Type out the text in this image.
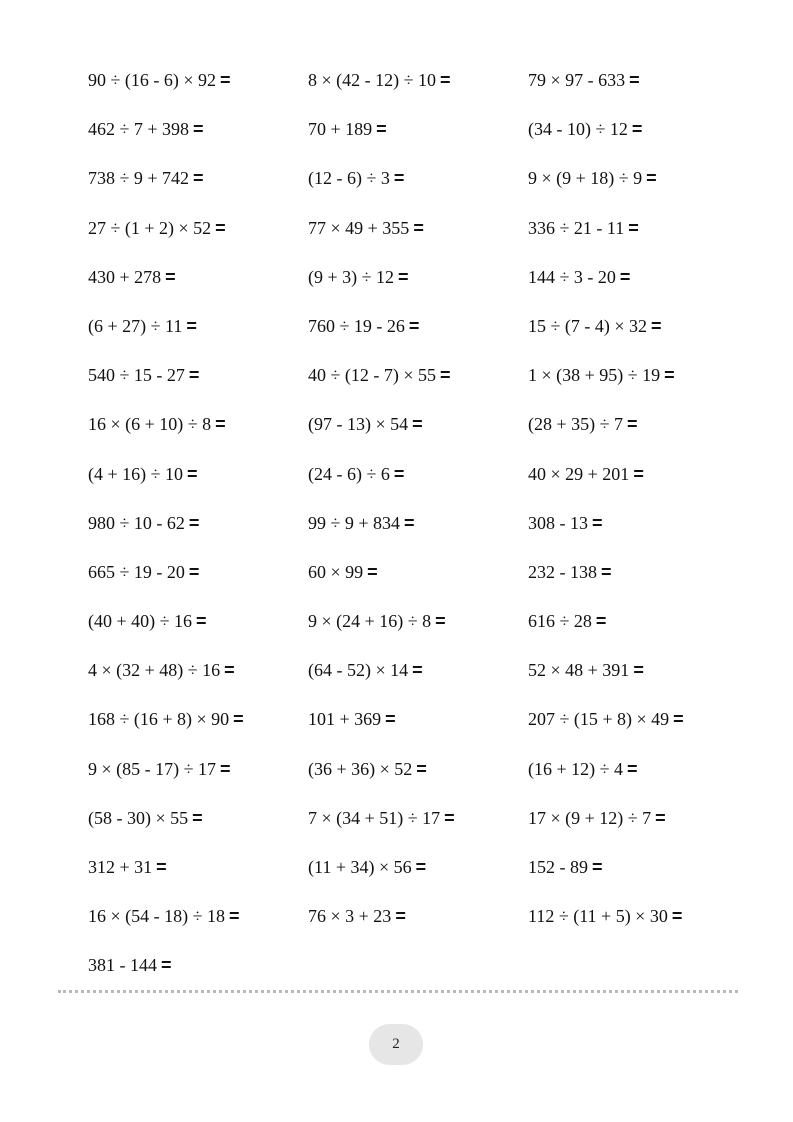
90 ÷ (16 - 6) × 92 =	8 × (42 - 12) ÷ 10 =	79 × 97 - 633 =
462 ÷ 7 + 398 =	70 + 189 =	(34 - 10) ÷ 12 =
738 ÷ 9 + 742 =	(12 - 6) ÷ 3 =	9 × (9 + 18) ÷ 9 =
27 ÷ (1 + 2) × 52 =	77 × 49 + 355 =	336 ÷ 21 - 11 =
430 + 278 =	(9 + 3) ÷ 12 =	144 ÷ 3 - 20 =
(6 + 27) ÷ 11 =	760 ÷ 19 - 26 =	15 ÷ (7 - 4) × 32 =
540 ÷ 15 - 27 =	40 ÷ (12 - 7) × 55 =	1 × (38 + 95) ÷ 19 =
16 × (6 + 10) ÷ 8 =	(97 - 13) × 54 =	(28 + 35) ÷ 7 =
(4 + 16) ÷ 10 =	(24 - 6) ÷ 6 =	40 × 29 + 201 =
980 ÷ 10 - 62 =	99 ÷ 9 + 834 =	308 - 13 =
665 ÷ 19 - 20 =	60 × 99 =	232 - 138 =
(40 + 40) ÷ 16 =	9 × (24 + 16) ÷ 8 =	616 ÷ 28 =
4 × (32 + 48) ÷ 16 =	(64 - 52) × 14 =	52 × 48 + 391 =
168 ÷ (16 + 8) × 90 =	101 + 369 =	207 ÷ (15 + 8) × 49 =
9 × (85 - 17) ÷ 17 =	(36 + 36) × 52 =	(16 + 12) ÷ 4 =
(58 - 30) × 55 =	7 × (34 + 51) ÷ 17 =	17 × (9 + 12) ÷ 7 =
312 + 31 =	(11 + 34) × 56 =	152 - 89 =
16 × (54 - 18) ÷ 18 =	76 × 3 + 23 =	112 ÷ (11 + 5) × 30 =
381 - 144 =
2
